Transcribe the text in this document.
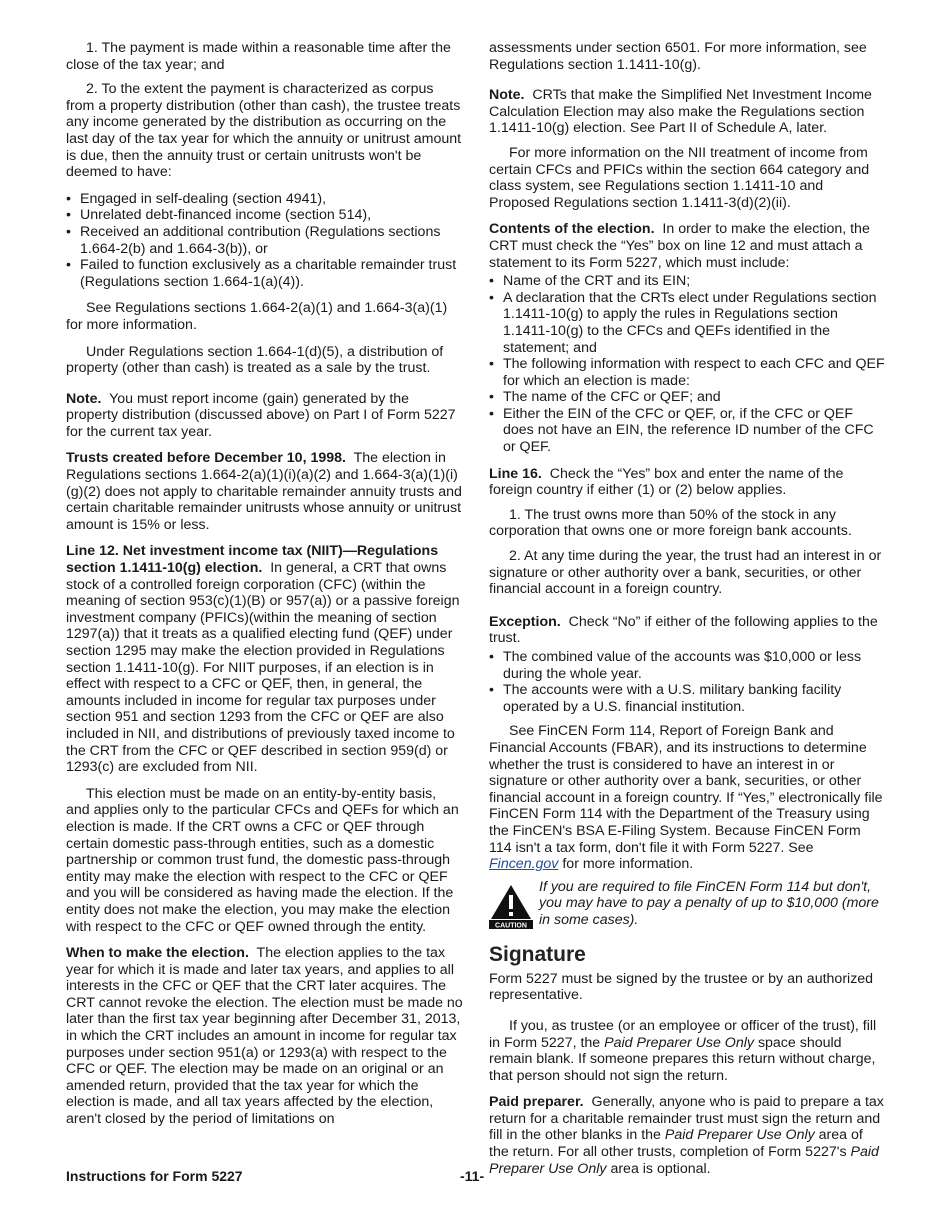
1. The payment is made within a reasonable time after the close of the tax year; and

2. To the extent the payment is characterized as corpus from a property distribution (other than cash), the trustee treats any income generated by the distribution as occurring on the last day of the tax year for which the annuity or unitrust amount is due, then the annuity trust or certain unitrusts won't be deemed to have:

• Engaged in self-dealing (section 4941),
• Unrelated debt-financed income (section 514),
• Received an additional contribution (Regulations sections 1.664-2(b) and 1.664-3(b)), or
• Failed to function exclusively as a charitable remainder trust (Regulations section 1.664-1(a)(4)).

See Regulations sections 1.664-2(a)(1) and 1.664-3(a)(1) for more information.

Under Regulations section 1.664-1(d)(5), a distribution of property (other than cash) is treated as a sale by the trust.

Note. You must report income (gain) generated by the property distribution (discussed above) on Part I of Form 5227 for the current tax year.

Trusts created before December 10, 1998. The election in Regulations sections 1.664-2(a)(1)(i)(a)(2) and 1.664-3(a)(1)(i)(g)(2) does not apply to charitable remainder annuity trusts and certain charitable remainder unitrusts whose annuity or unitrust amount is 15% or less.

Line 12. Net investment income tax (NIIT)—Regulations section 1.1411-10(g) election. In general, a CRT that owns stock of a controlled foreign corporation (CFC) (within the meaning of section 953(c)(1)(B) or 957(a)) or a passive foreign investment company (PFICs)(within the meaning of section 1297(a)) that it treats as a qualified electing fund (QEF) under section 1295 may make the election provided in Regulations section 1.1411-10(g). For NIIT purposes, if an election is in effect with respect to a CFC or QEF, then, in general, the amounts included in income for regular tax purposes under section 951 and section 1293 from the CFC or QEF are also included in NII, and distributions of previously taxed income to the CRT from the CFC or QEF described in section 959(d) or 1293(c) are excluded from NII.

This election must be made on an entity-by-entity basis, and applies only to the particular CFCs and QEFs for which an election is made. If the CRT owns a CFC or QEF through certain domestic pass-through entities, such as a domestic partnership or common trust fund, the domestic pass-through entity may make the election with respect to the CFC or QEF and you will be considered as having made the election. If the entity does not make the election, you may make the election with respect to the CFC or QEF owned through the entity.

When to make the election. The election applies to the tax year for which it is made and later tax years, and applies to all interests in the CFC or QEF that the CRT later acquires. The CRT cannot revoke the election. The election must be made no later than the first tax year beginning after December 31, 2013, in which the CRT includes an amount in income for regular tax purposes under section 951(a) or 1293(a) with respect to the CFC or QEF. The election may be made on an original or an amended return, provided that the tax year for which the election is made, and all tax years affected by the election, aren't closed by the period of limitations on

assessments under section 6501. For more information, see Regulations section 1.1411-10(g).

Note. CRTs that make the Simplified Net Investment Income Calculation Election may also make the Regulations section 1.1411-10(g) election. See Part II of Schedule A, later.

For more information on the NII treatment of income from certain CFCs and PFICs within the section 664 category and class system, see Regulations section 1.1411-10 and Proposed Regulations section 1.1411-3(d)(2)(ii).

Contents of the election. In order to make the election, the CRT must check the “Yes” box on line 12 and must attach a statement to its Form 5227, which must include:

• Name of the CRT and its EIN;
• A declaration that the CRTs elect under Regulations section 1.1411-10(g) to apply the rules in Regulations section 1.1411-10(g) to the CFCs and QEFs identified in the statement; and
• The following information with respect to each CFC and QEF for which an election is made:
• The name of the CFC or QEF; and
• Either the EIN of the CFC or QEF, or, if the CFC or QEF does not have an EIN, the reference ID number of the CFC or QEF.

Line 16. Check the “Yes” box and enter the name of the foreign country if either (1) or (2) below applies.

1. The trust owns more than 50% of the stock in any corporation that owns one or more foreign bank accounts.

2. At any time during the year, the trust had an interest in or signature or other authority over a bank, securities, or other financial account in a foreign country.

Exception. Check “No” if either of the following applies to the trust.

• The combined value of the accounts was $10,000 or less during the whole year.
• The accounts were with a U.S. military banking facility operated by a U.S. financial institution.

See FinCEN Form 114, Report of Foreign Bank and Financial Accounts (FBAR), and its instructions to determine whether the trust is considered to have an interest in or signature or other authority over a bank, securities, or other financial account in a foreign country. If “Yes,” electronically file FinCEN Form 114 with the Department of the Treasury using the FinCEN's BSA E-Filing System. Because FinCEN Form 114 isn't a tax form, don't file it with Form 5227. See Fincen.gov for more information.

CAUTION
If you are required to file FinCEN Form 114 but don't, you may have to pay a penalty of up to $10,000 (more in some cases).
Signature

Form 5227 must be signed by the trustee or by an authorized representative.

If you, as trustee (or an employee or officer of the trust), fill in Form 5227, the Paid Preparer Use Only space should remain blank. If someone prepares this return without charge, that person should not sign the return.

Paid preparer. Generally, anyone who is paid to prepare a tax return for a charitable remainder trust must sign the return and fill in the other blanks in the Paid Preparer Use Only area of the return. For all other trusts, completion of Form 5227's Paid Preparer Use Only area is optional.

Instructions for Form 5227	-11-
